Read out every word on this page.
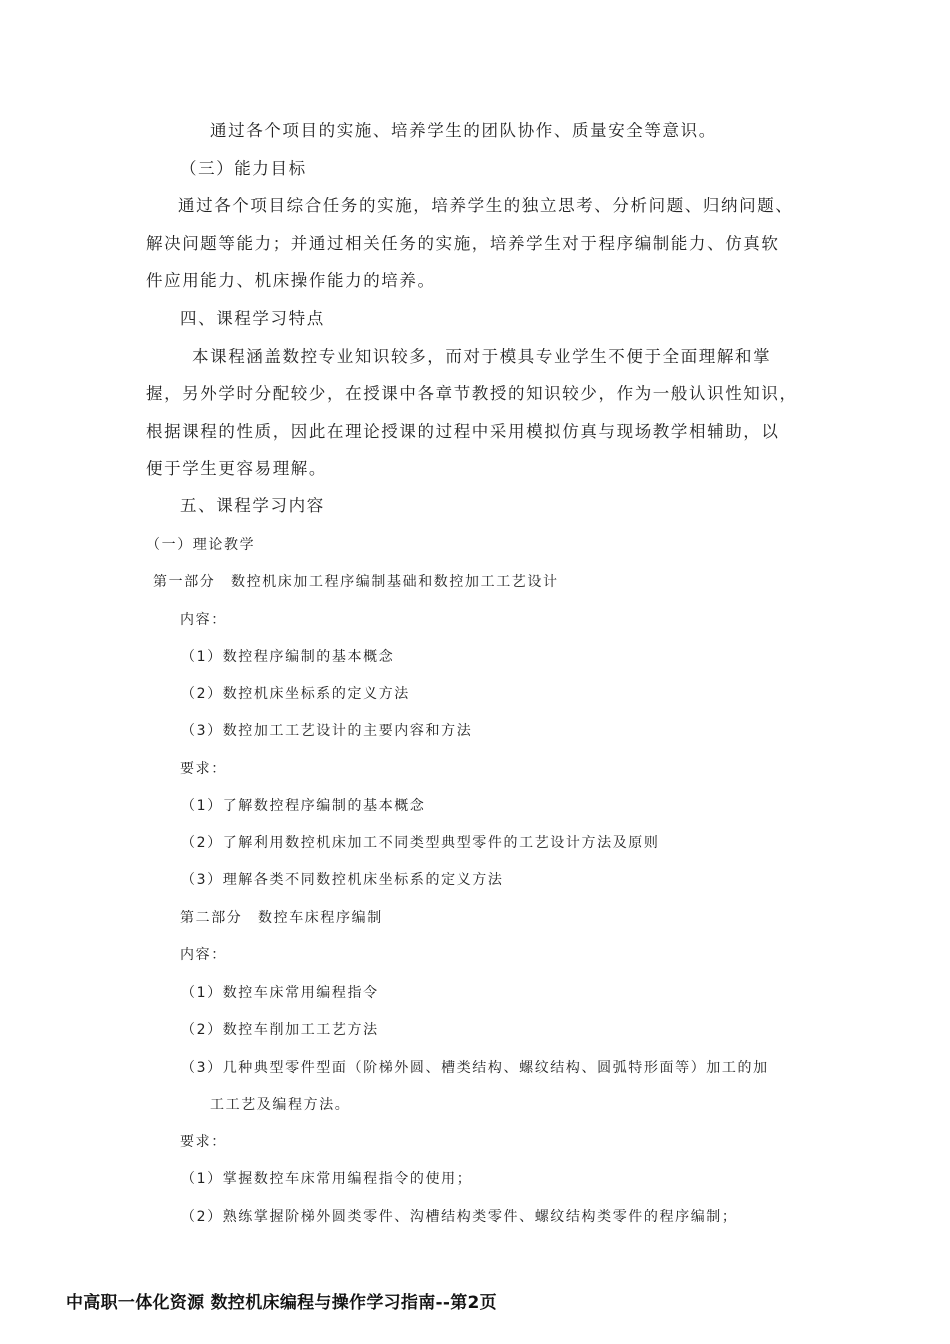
通过各个项目的实施、培养学生的团队协作、质量安全等意识。

（三）能力目标

通过各个项目综合任务的实施，培养学生的独立思考、分析问题、归纳问题、

解决问题等能力；并通过相关任务的实施，培养学生对于程序编制能力、仿真软

件应用能力、机床操作能力的培养。

四、课程学习特点

本课程涵盖数控专业知识较多，而对于模具专业学生不便于全面理解和掌

握，另外学时分配较少，在授课中各章节教授的知识较少，作为一般认识性知识，

根据课程的性质，因此在理论授课的过程中采用模拟仿真与现场教学相辅助，以

便于学生更容易理解。

五、课程学习内容

（一）理论教学

第一部分　数控机床加工程序编制基础和数控加工工艺设计

内容：

（1）数控程序编制的基本概念

（2）数控机床坐标系的定义方法

（3）数控加工工艺设计的主要内容和方法

要求：

（1）了解数控程序编制的基本概念

（2）了解利用数控机床加工不同类型典型零件的工艺设计方法及原则

（3）理解各类不同数控机床坐标系的定义方法

第二部分　数控车床程序编制

内容：

（1）数控车床常用编程指令

（2）数控车削加工工艺方法

（3）几种典型零件型面（阶梯外圆、槽类结构、螺纹结构、圆弧特形面等）加工的加

工工艺及编程方法。

要求：

（1）掌握数控车床常用编程指令的使用；

（2）熟练掌握阶梯外圆类零件、沟槽结构类零件、螺纹结构类零件的程序编制；

中高职一体化资源 数控机床编程与操作学习指南--第2页
